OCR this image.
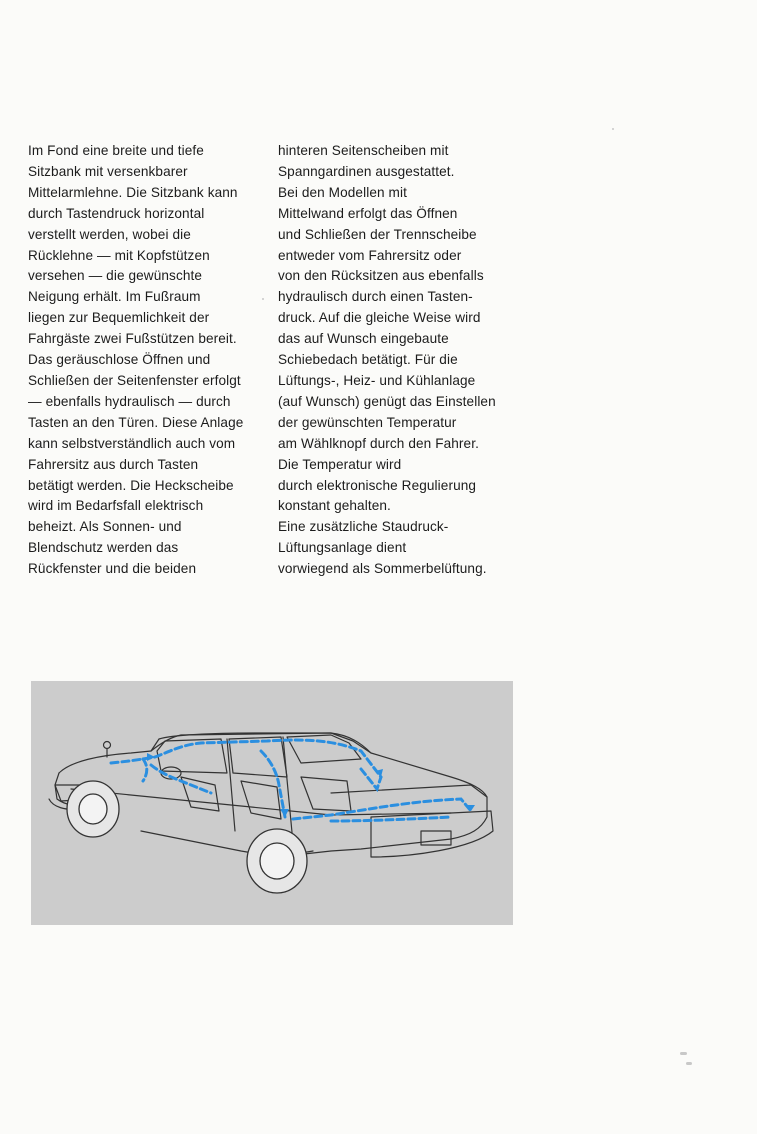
Im Fond eine breite und tiefe
Sitzbank mit versenkbarer
Mittelarmlehne. Die Sitzbank kann
durch Tastendruck horizontal
verstellt werden, wobei die
Rücklehne — mit Kopfstützen
versehen — die gewünschte
Neigung erhält. Im Fußraum
liegen zur Bequemlichkeit der
Fahrgäste zwei Fußstützen bereit.
Das geräuschlose Öffnen und
Schließen der Seitenfenster erfolgt
— ebenfalls hydraulisch — durch
Tasten an den Türen. Diese Anlage
kann selbstverständlich auch vom
Fahrersitz aus durch Tasten
betätigt werden. Die Heckscheibe
wird im Bedarfsfall elektrisch
beheizt. Als Sonnen- und
Blendschutz werden das
Rückfenster und die beiden
hinteren Seitenscheiben mit
Spanngardinen ausgestattet.
Bei den Modellen mit
Mittelwand erfolgt das Öffnen
und Schließen der Trennscheibe
entweder vom Fahrersitz oder
von den Rücksitzen aus ebenfalls
hydraulisch durch einen Tasten-
druck. Auf die gleiche Weise wird
das auf Wunsch eingebaute
Schiebedach betätigt. Für die
Lüftungs-, Heiz- und Kühlanlage
(auf Wunsch) genügt das Einstellen
der gewünschten Temperatur
am Wählknopf durch den Fahrer.
Die Temperatur wird
durch elektronische Regulierung
konstant gehalten.
Eine zusätzliche Staudruck-
Lüftungsanlage dient
vorwiegend als Sommerbelüftung.
